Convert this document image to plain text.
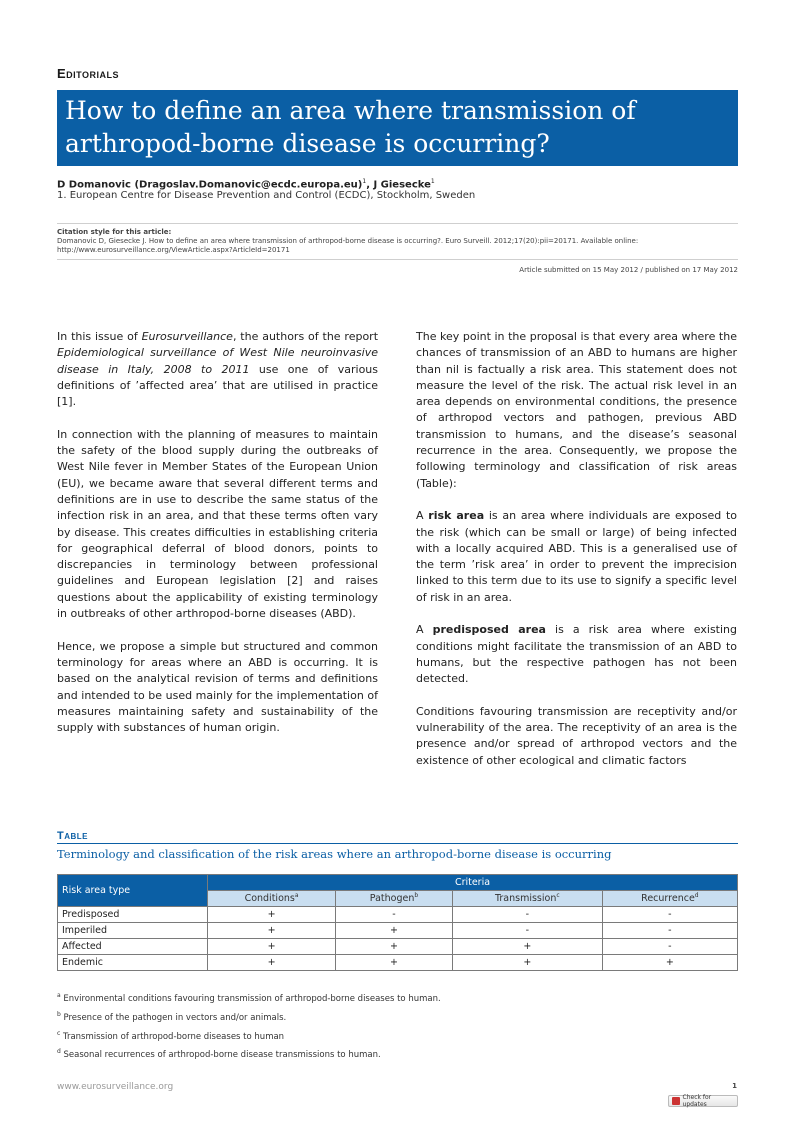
Editorials
How to define an area where transmission of arthropod-borne disease is occurring?
D Domanovic (Dragoslav.Domanovic@ecdc.europa.eu)$^1$, J Giesecke$^1$
1. European Centre for Disease Prevention and Control (ECDC), Stockholm, Sweden
Citation style for this article:
Domanovic D, Giesecke J. How to define an area where transmission of arthropod-borne disease is occurring?. Euro Surveill. 2012;17(20):pii=20171. Available online: http://www.eurosurveillance.org/ViewArticle.aspx?ArticleId=20171
Article submitted on 15 May 2012 / published on 17 May 2012

In this issue of Eurosurveillance, the authors of the report Epidemiological surveillance of West Nile neuroinvasive disease in Italy, 2008 to 2011 use one of various definitions of ’affected area’ that are utilised in practice [1].

In connection with the planning of measures to maintain the safety of the blood supply during the outbreaks of West Nile fever in Member States of the European Union (EU), we became aware that several different terms and definitions are in use to describe the same status of the infection risk in an area, and that these terms often vary by disease. This creates difficulties in establishing criteria for geographical deferral of blood donors, points to discrepancies in terminology between professional guidelines and European legislation [2] and raises questions about the applicability of existing terminology in outbreaks of other arthropod-borne diseases (ABD).

Hence, we propose a simple but structured and common terminology for areas where an ABD is occurring. It is based on the analytical revision of terms and definitions and intended to be used mainly for the implementation of measures maintaining safety and sustainability of the supply with substances of human origin.

The key point in the proposal is that every area where the chances of transmission of an ABD to humans are higher than nil is factually a risk area. This statement does not measure the level of the risk. The actual risk level in an area depends on environmental conditions, the presence of arthropod vectors and pathogen, previous ABD transmission to humans, and the disease’s seasonal recurrence in the area. Consequently, we propose the following terminology and classification of risk areas (Table):

A risk area is an area where individuals are exposed to the risk (which can be small or large) of being infected with a locally acquired ABD. This is a generalised use of the term ’risk area’ in order to prevent the imprecision linked to this term due to its use to signify a specific level of risk in an area.

A predisposed area is a risk area where existing conditions might facilitate the transmission of an ABD to humans, but the respective pathogen has not been detected.

Conditions favouring transmission are receptivity and/or vulnerability of the area. The receptivity of an area is the presence and/or spread of arthropod vectors and the existence of other ecological and climatic factors

Table
Terminology and classification of the risk areas where an arthropod-borne disease is occurring
Risk area type	Criteria			
	Conditions$^a$	Pathogen$^b$	Transmission$^c$	Recurrence$^d$
Predisposed	+	-	-	-
Imperiled	+	+	-	-
Affected	+	+	+	-
Endemic	+	+	+	+
$^a$ Environmental conditions favouring transmission of arthropod-borne diseases to human.
$^b$ Presence of the pathogen in vectors and/or animals.
$^c$ Transmission of arthropod-borne diseases to human
$^d$ Seasonal recurrences of arthropod-borne disease transmissions to human.
www.eurosurveillance.org	1
Check for updates
